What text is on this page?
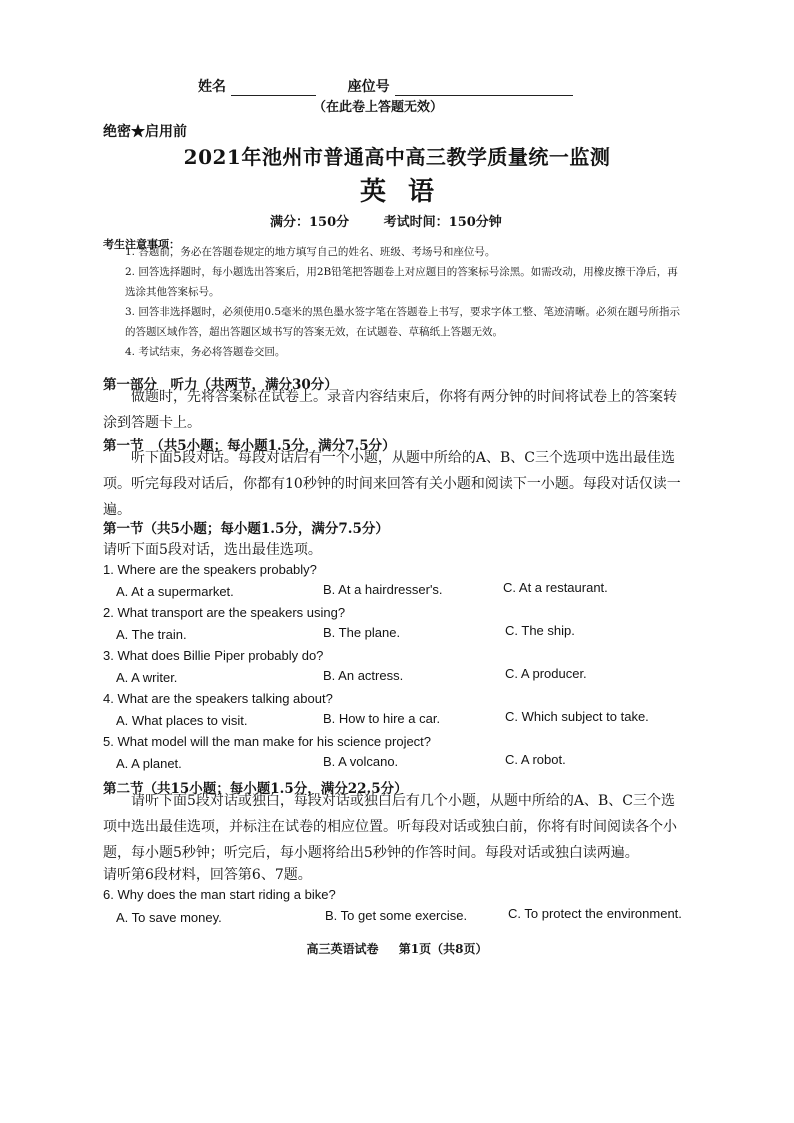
姓名	座位号
（在此卷上答题无效）
绝密★启用前
2021年池州市普通高中高三教学质量统一监测
英语
满分：150分	考试时间：150分钟
考生注意事项：
1. 答题前，务必在答题卷规定的地方填写自己的姓名、班级、考场号和座位号。
2. 回答选择题时，每小题选出答案后，用2B铅笔把答题卷上对应题目的答案标号涂黑。如需改动，用橡皮擦干净后，再选涂其他答案标号。
3. 回答非选择题时，必须使用0.5毫米的黑色墨水签字笔在答题卷上书写，要求字体工整、笔迹清晰。必须在题号所指示的答题区域作答，超出答题区域书写的答案无效，在试题卷、草稿纸上答题无效。
4. 考试结束，务必将答题卷交回。
第一部分　听力（共两节，满分30分）
做题时，先将答案标在试卷上。录音内容结束后，你将有两分钟的时间将试卷上的答案转涂到答题卡上。
第一节　（共5小题；每小题1.5分，满分7.5分）
听下面5段对话。每段对话后有一个小题，从题中所给的A、B、C三个选项中选出最佳选项。听完每段对话后，你都有10秒钟的时间来回答有关小题和阅读下一小题。每段对话仅读一遍。
第一节（共5小题；每小题1.5分，满分7.5分）
请听下面5段对话，选出最佳选项。
1. Where are the speakers probably?
A. At a supermarket.	B. At a hairdresser's.	C. At a restaurant.
2. What transport are the speakers using?
A. The train.	B. The plane.	C. The ship.
3. What does Billie Piper probably do?
A. A writer.	B. An actress.	C. A producer.
4. What are the speakers talking about?
A. What places to visit.	B. How to hire a car.	C. Which subject to take.
5. What model will the man make for his science project?
A. A planet.	B. A volcano.	C. A robot.
第二节（共15小题；每小题1.5分，满分22.5分）
请听下面5段对话或独白，每段对话或独白后有几个小题，从题中所给的A、B、C三个选项中选出最佳选项，并标注在试卷的相应位置。听每段对话或独白前，你将有时间阅读各个小题，每小题5秒钟；听完后，每小题将给出5秒钟的作答时间。每段对话或独白读两遍。
请听第6段材料，回答第6、7题。
6. Why does the man start riding a bike?
A. To save money.	B. To get some exercise.	C. To protect the environment.
高三英语试卷 第1页（共8页）
